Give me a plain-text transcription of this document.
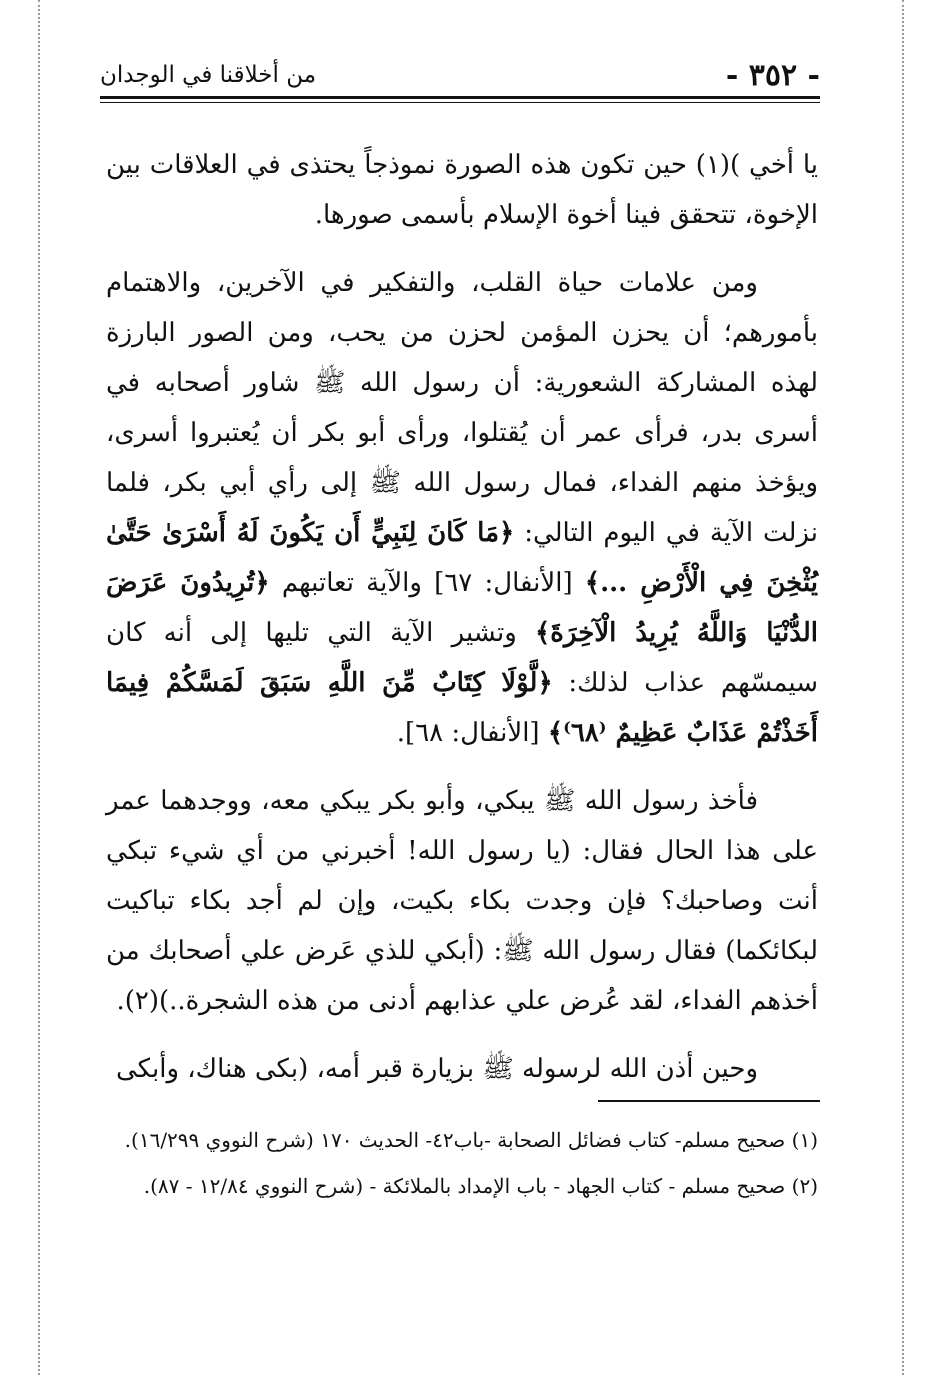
- ٣٥٢ -
من أخلاقنا في الوجدان

يا أخي )(١) حين تكون هذه الصورة نموذجاً يحتذى في العلاقات بين الإخوة، تتحقق فينا أخوة الإسلام بأسمى صورها.

ومن علامات حياة القلب، والتفكير في الآخرين، والاهتمام بأمورهم؛ أن يحزن المؤمن لحزن من يحب، ومن الصور البارزة لهذه المشاركة الشعورية: أن رسول الله ﷺ شاور أصحابه في أسرى بدر، فرأى عمر أن يُقتلوا، ورأى أبو بكر أن يُعتبروا أسرى، ويؤخذ منهم الفداء، فمال رسول الله ﷺ إلى رأي أبي بكر، فلما نزلت الآية في اليوم التالي: ﴿مَا كَانَ لِنَبِيٍّ أَن يَكُونَ لَهُ أَسْرَىٰ حَتَّىٰ يُثْخِنَ فِي الْأَرْضِ ...﴾ [الأنفال: ٦٧] والآية تعاتبهم ﴿تُرِيدُونَ عَرَضَ الدُّنْيَا وَاللَّهُ يُرِيدُ الْآخِرَةَ﴾ وتشير الآية التي تليها إلى أنه كان سيمسّهم عذاب لذلك: ﴿لَّوْلَا كِتَابٌ مِّنَ اللَّهِ سَبَقَ لَمَسَّكُمْ فِيمَا أَخَذْتُمْ عَذَابٌ عَظِيمٌ ⁽٦٨⁾﴾ [الأنفال: ٦٨].

فأخذ رسول الله ﷺ يبكي، وأبو بكر يبكي معه، ووجدهما عمر على هذا الحال فقال: (يا رسول الله! أخبرني من أي شيء تبكي أنت وصاحبك؟ فإن وجدت بكاء بكيت، وإن لم أجد بكاء تباكيت لبكائكما) فقال رسول الله ﷺ: (أبكي للذي عَرض علي أصحابك من أخذهم الفداء، لقد عُرض علي عذابهم أدنى من هذه الشجرة..)(٢).

وحين أذن الله لرسوله ﷺ بزيارة قبر أمه، (بكى هناك، وأبكى

(١) صحيح مسلم- كتاب فضائل الصحابة -باب٤٢- الحديث ١٧٠ (شرح النووي ١٦/٢٩٩).

(٢) صحيح مسلم - كتاب الجهاد - باب الإمداد بالملائكة - (شرح النووي ١٢/٨٤ - ٨٧).
